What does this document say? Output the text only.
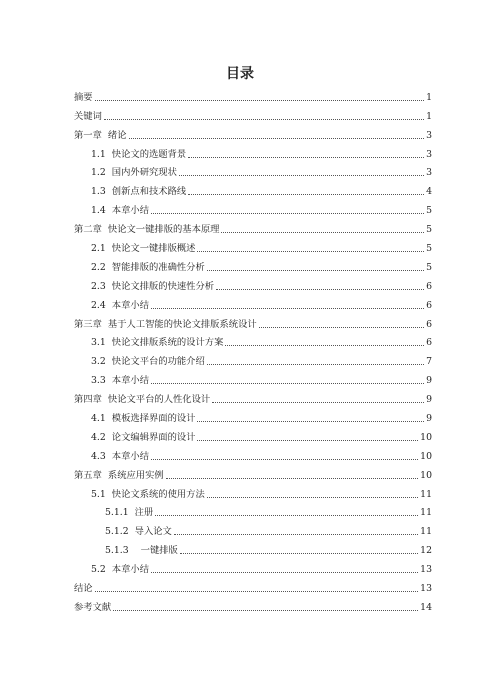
目录
摘要	1
关键词	1
第一章 绪论	3
1.1 快论文的选题背景	3
1.2 国内外研究现状	3
1.3 创新点和技术路线	4
1.4 本章小结	5
第二章 快论文一键排版的基本原理	5
2.1 快论文一键排版概述	5
2.2 智能排版的准确性分析	5
2.3 快论文排版的快速性分析	6
2.4 本章小结	6
第三章 基于人工智能的快论文排版系统设计	6
3.1 快论文排版系统的设计方案	6
3.2 快论文平台的功能介绍	7
3.3 本章小结	9
第四章 快论文平台的人性化设计	9
4.1 模板选择界面的设计	9
4.2 论文编辑界面的设计	10
4.3 本章小结	10
第五章 系统应用实例	10
5.1 快论文系统的使用方法	11
5.1.1 注册	11
5.1.2 导入论文	11
5.1.3 一键排版	12
5.2 本章小结	13
结论	13
参考文献	14
